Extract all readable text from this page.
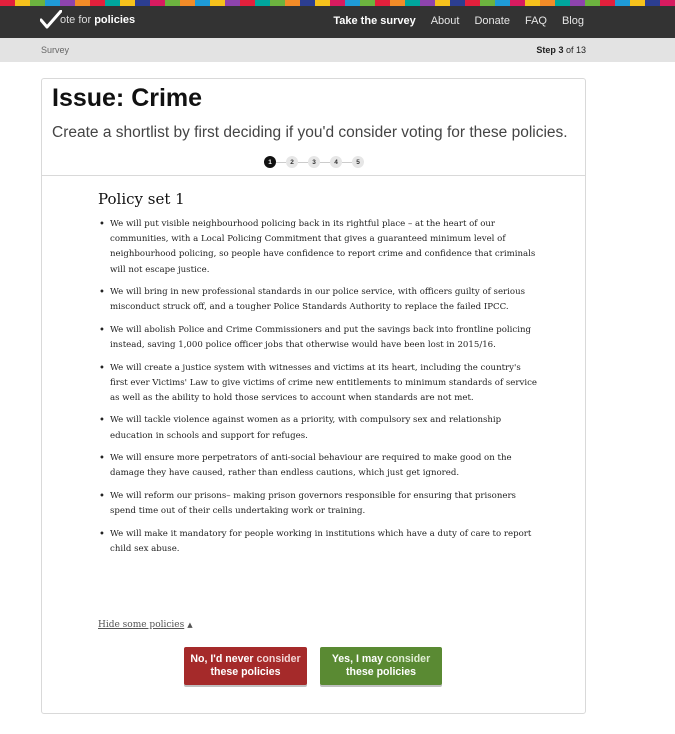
ote for policies	Take the survey About Donate FAQ Blog
Survey	Step 3 of 13
Issue: Crime
Create a shortlist by first deciding if you'd consider voting for these policies.
1	2	3	4	5
Policy set 1
• We will put visible neighbourhood policing back in its rightful place – at the heart of our communities, with a Local Policing Commitment that gives a guaranteed minimum level of neighbourhood policing, so people have confidence to report crime and confidence that criminals will not escape justice.
• We will bring in new professional standards in our police service, with officers guilty of serious misconduct struck off, and a tougher Police Standards Authority to replace the failed IPCC.
• We will abolish Police and Crime Commissioners and put the savings back into frontline policing instead, saving 1,000 police officer jobs that otherwise would have been lost in 2015/16.
• We will create a justice system with witnesses and victims at its heart, including the country's first ever Victims' Law to give victims of crime new entitlements to minimum standards of service as well as the ability to hold those services to account when standards are not met.
• We will tackle violence against women as a priority, with compulsory sex and relationship education in schools and support for refuges.
• We will ensure more perpetrators of anti-social behaviour are required to make good on the damage they have caused, rather than endless cautions, which just get ignored.
• We will reform our prisons– making prison governors responsible for ensuring that prisoners spend time out of their cells undertaking work or training.
• We will make it mandatory for people working in institutions which have a duty of care to report child sex abuse.
Hide some policies ▲
No, I'd never consider
these policies
Yes, I may consider
these policies
